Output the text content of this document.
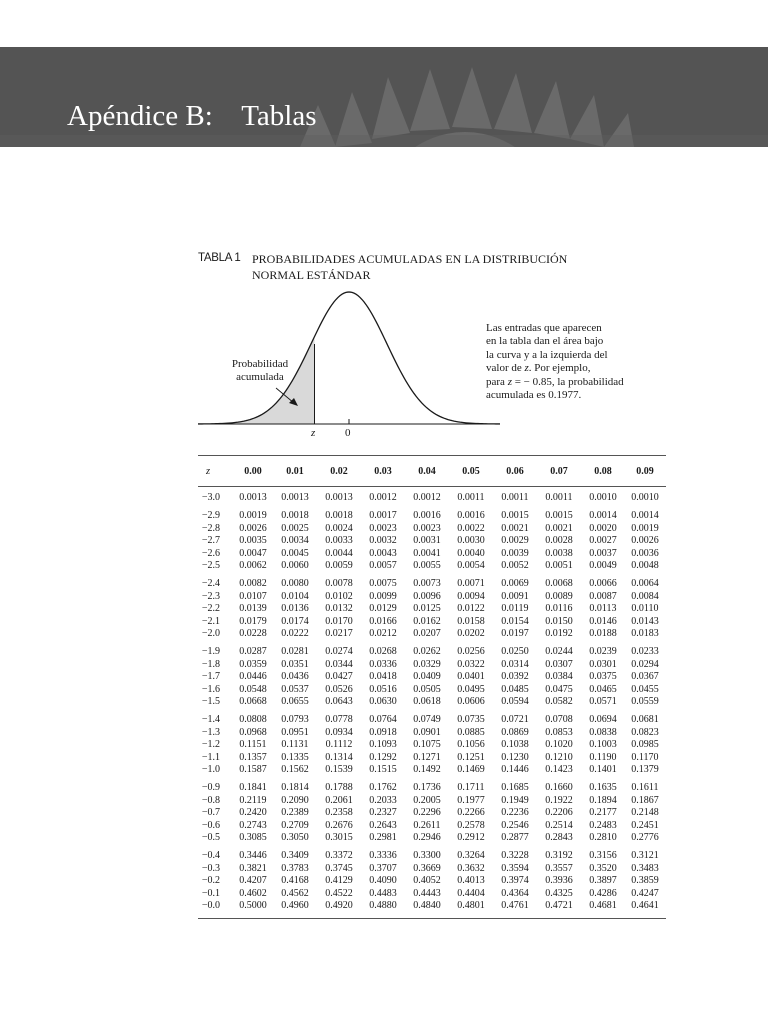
Apéndice B:    Tablas
TABLA 1 PROBABILIDADES ACUMULADAS EN LA DISTRIBUCIÓN NORMAL ESTÁNDAR
Probabilidad acumulada
z	0
Las entradas que aparecen
en la tabla dan el área bajo
la curva y a la izquierda del
valor de z. Por ejemplo,
para z = − 0.85, la probabilidad
acumulada es 0.1977.
z	0.00	0.01	0.02	0.03	0.04	0.05	0.06	0.07	0.08	0.09
−3.0	0.0013	0.0013	0.0013	0.0012	0.0012	0.0011	0.0011	0.0011	0.0010	0.0010
−2.9	0.0019	0.0018	0.0018	0.0017	0.0016	0.0016	0.0015	0.0015	0.0014	0.0014
−2.8	0.0026	0.0025	0.0024	0.0023	0.0023	0.0022	0.0021	0.0021	0.0020	0.0019
−2.7	0.0035	0.0034	0.0033	0.0032	0.0031	0.0030	0.0029	0.0028	0.0027	0.0026
−2.6	0.0047	0.0045	0.0044	0.0043	0.0041	0.0040	0.0039	0.0038	0.0037	0.0036
−2.5	0.0062	0.0060	0.0059	0.0057	0.0055	0.0054	0.0052	0.0051	0.0049	0.0048
−2.4	0.0082	0.0080	0.0078	0.0075	0.0073	0.0071	0.0069	0.0068	0.0066	0.0064
−2.3	0.0107	0.0104	0.0102	0.0099	0.0096	0.0094	0.0091	0.0089	0.0087	0.0084
−2.2	0.0139	0.0136	0.0132	0.0129	0.0125	0.0122	0.0119	0.0116	0.0113	0.0110
−2.1	0.0179	0.0174	0.0170	0.0166	0.0162	0.0158	0.0154	0.0150	0.0146	0.0143
−2.0	0.0228	0.0222	0.0217	0.0212	0.0207	0.0202	0.0197	0.0192	0.0188	0.0183
−1.9	0.0287	0.0281	0.0274	0.0268	0.0262	0.0256	0.0250	0.0244	0.0239	0.0233
−1.8	0.0359	0.0351	0.0344	0.0336	0.0329	0.0322	0.0314	0.0307	0.0301	0.0294
−1.7	0.0446	0.0436	0.0427	0.0418	0.0409	0.0401	0.0392	0.0384	0.0375	0.0367
−1.6	0.0548	0.0537	0.0526	0.0516	0.0505	0.0495	0.0485	0.0475	0.0465	0.0455
−1.5	0.0668	0.0655	0.0643	0.0630	0.0618	0.0606	0.0594	0.0582	0.0571	0.0559
−1.4	0.0808	0.0793	0.0778	0.0764	0.0749	0.0735	0.0721	0.0708	0.0694	0.0681
−1.3	0.0968	0.0951	0.0934	0.0918	0.0901	0.0885	0.0869	0.0853	0.0838	0.0823
−1.2	0.1151	0.1131	0.1112	0.1093	0.1075	0.1056	0.1038	0.1020	0.1003	0.0985
−1.1	0.1357	0.1335	0.1314	0.1292	0.1271	0.1251	0.1230	0.1210	0.1190	0.1170
−1.0	0.1587	0.1562	0.1539	0.1515	0.1492	0.1469	0.1446	0.1423	0.1401	0.1379
−0.9	0.1841	0.1814	0.1788	0.1762	0.1736	0.1711	0.1685	0.1660	0.1635	0.1611
−0.8	0.2119	0.2090	0.2061	0.2033	0.2005	0.1977	0.1949	0.1922	0.1894	0.1867
−0.7	0.2420	0.2389	0.2358	0.2327	0.2296	0.2266	0.2236	0.2206	0.2177	0.2148
−0.6	0.2743	0.2709	0.2676	0.2643	0.2611	0.2578	0.2546	0.2514	0.2483	0.2451
−0.5	0.3085	0.3050	0.3015	0.2981	0.2946	0.2912	0.2877	0.2843	0.2810	0.2776
−0.4	0.3446	0.3409	0.3372	0.3336	0.3300	0.3264	0.3228	0.3192	0.3156	0.3121
−0.3	0.3821	0.3783	0.3745	0.3707	0.3669	0.3632	0.3594	0.3557	0.3520	0.3483
−0.2	0.4207	0.4168	0.4129	0.4090	0.4052	0.4013	0.3974	0.3936	0.3897	0.3859
−0.1	0.4602	0.4562	0.4522	0.4483	0.4443	0.4404	0.4364	0.4325	0.4286	0.4247
−0.0	0.5000	0.4960	0.4920	0.4880	0.4840	0.4801	0.4761	0.4721	0.4681	0.4641
